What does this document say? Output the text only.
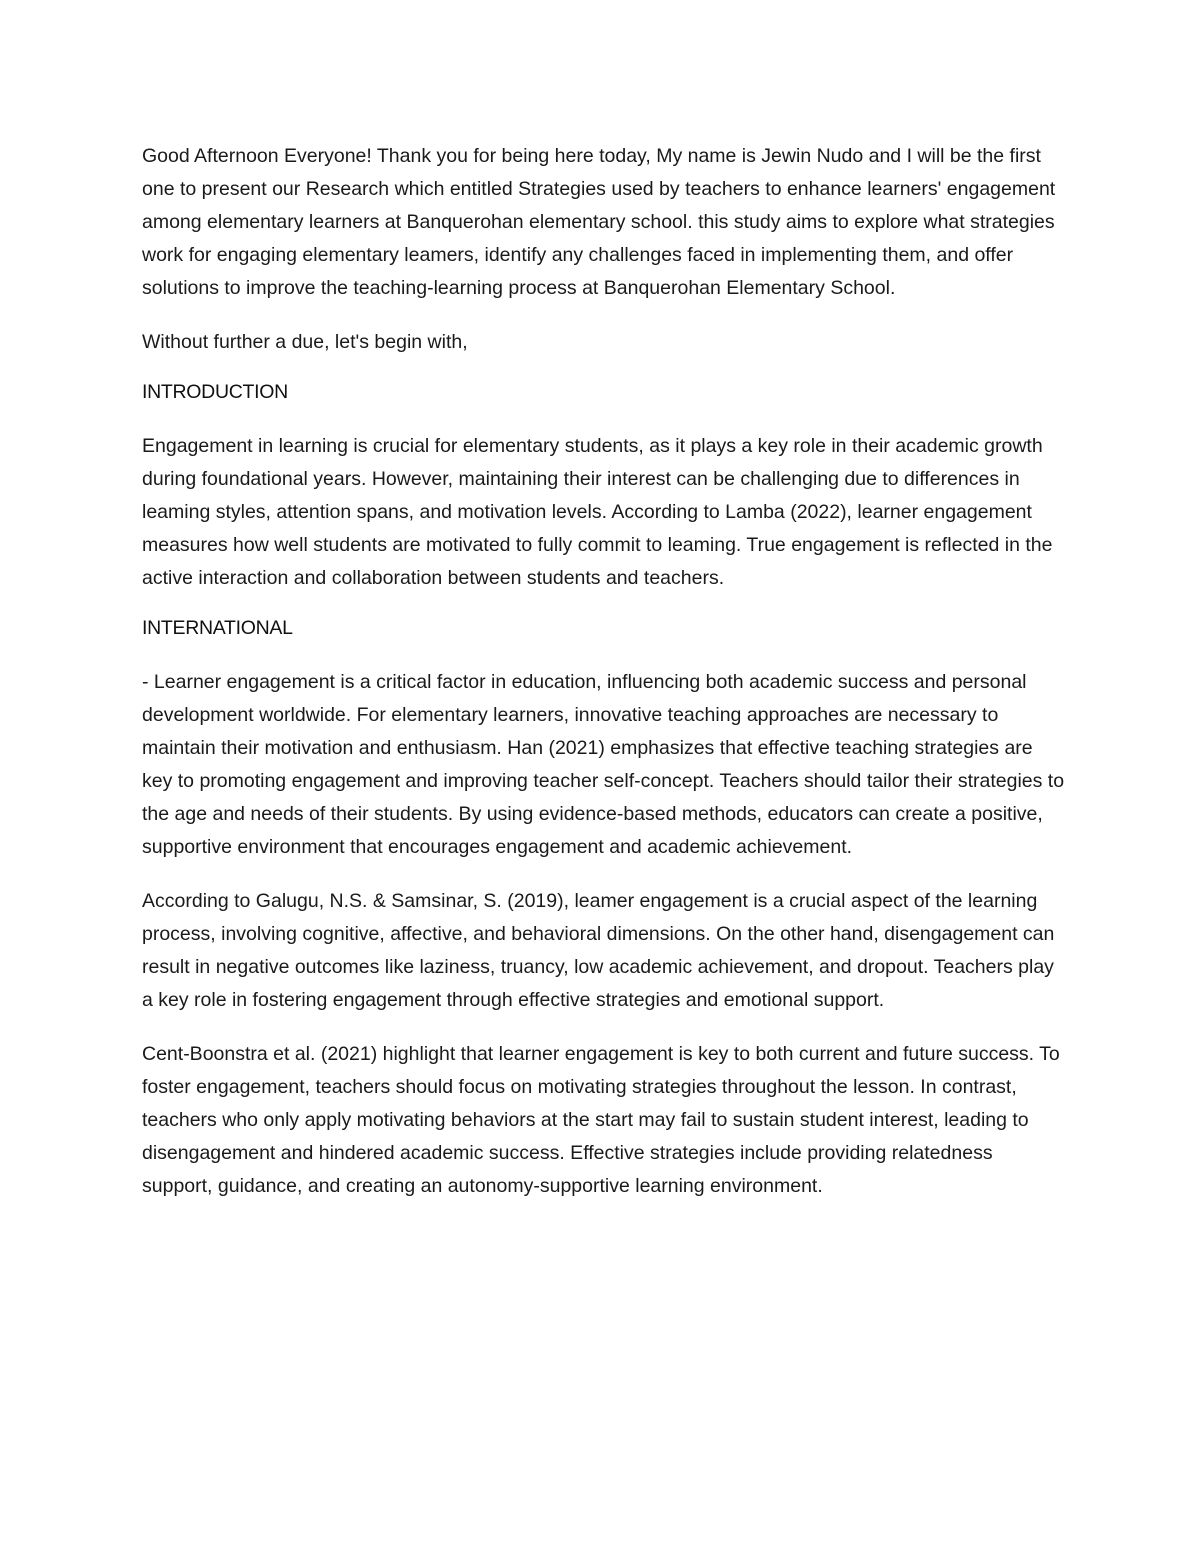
Good Afternoon Everyone! Thank you for being here today, My name is Jewin Nudo and I will be the first one to present our Research which entitled Strategies used by teachers to enhance learners' engagement among elementary learners at Banquerohan elementary school. this study aims to explore what strategies work for engaging elementary leamers, identify any challenges faced in implementing them, and offer solutions to improve the teaching-learning process at Banquerohan Elementary School.

Without further a due, let's begin with,

INTRODUCTION

Engagement in learning is crucial for elementary students, as it plays a key role in their academic growth during foundational years. However, maintaining their interest can be challenging due to differences in leaming styles, attention spans, and motivation levels. According to Lamba (2022), learner engagement measures how well students are motivated to fully commit to leaming. True engagement is reflected in the active interaction and collaboration between students and teachers.

INTERNATIONAL

- Learner engagement is a critical factor in education, influencing both academic success and personal development worldwide. For elementary learners, innovative teaching approaches are necessary to maintain their motivation and enthusiasm. Han (2021) emphasizes that effective teaching strategies are key to promoting engagement and improving teacher self-concept. Teachers should tailor their strategies to the age and needs of their students. By using evidence-based methods, educators can create a positive, supportive environment that encourages engagement and academic achievement.

According to Galugu, N.S. & Samsinar, S. (2019), leamer engagement is a crucial aspect of the learning process, involving cognitive, affective, and behavioral dimensions. On the other hand, disengagement can result in negative outcomes like laziness, truancy, low academic achievement, and dropout. Teachers play a key role in fostering engagement through effective strategies and emotional support.

Cent-Boonstra et al. (2021) highlight that learner engagement is key to both current and future success. To foster engagement, teachers should focus on motivating strategies throughout the lesson. In contrast, teachers who only apply motivating behaviors at the start may fail to sustain student interest, leading to disengagement and hindered academic success. Effective strategies include providing relatedness support, guidance, and creating an autonomy-supportive learning environment.
